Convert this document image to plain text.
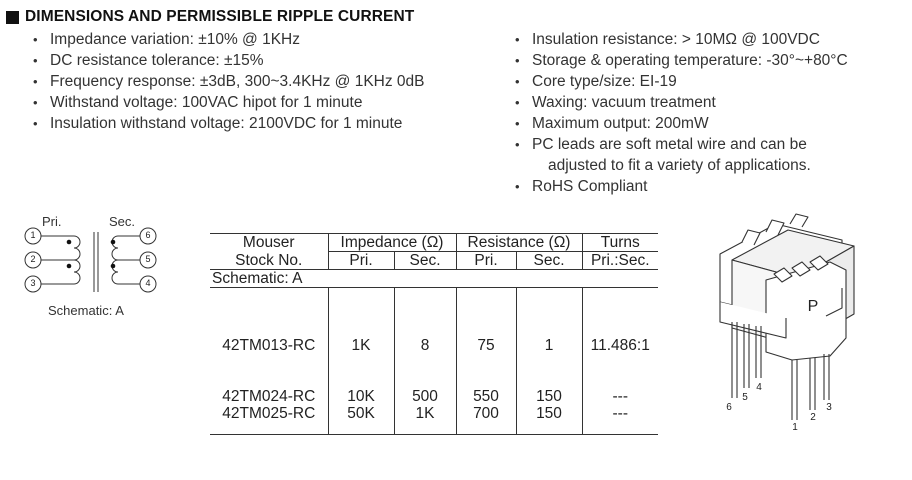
DIMENSIONS AND PERMISSIBLE RIPPLE CURRENT
• Impedance variation: ±10% @ 1KHz
• DC resistance tolerance: ±15%
• Frequency response: ±3dB, 300~3.4KHz @ 1KHz 0dB
• Withstand voltage: 100VAC hipot for 1 minute
• Insulation withstand voltage: 2100VDC for 1 minute
• Insulation resistance: > 10MΩ @ 100VDC
• Storage & operating temperature: -30°~+80°C
• Core type/size: EI-19
• Waxing: vacuum treatment
• Maximum output: 200mW
• PC leads are soft metal wire and can be
adjusted to fit a variety of applications.
• RoHS Compliant
Pri.	Sec.
1
2
3
6
5
4
Schematic: A
Mouser	Impedance (Ω)		Resistance (Ω)		Turns
Stock No.	Pri.	Sec.	Pri.	Sec.	Pri.:Sec.
Schematic: A					
42TM013-RC	1K	8	75	1	11.486:1
42TM024-RC	10K	500	550	150	---
42TM025-RC	50K	1K	700	150	---
P
6
5
4
1
2
3
